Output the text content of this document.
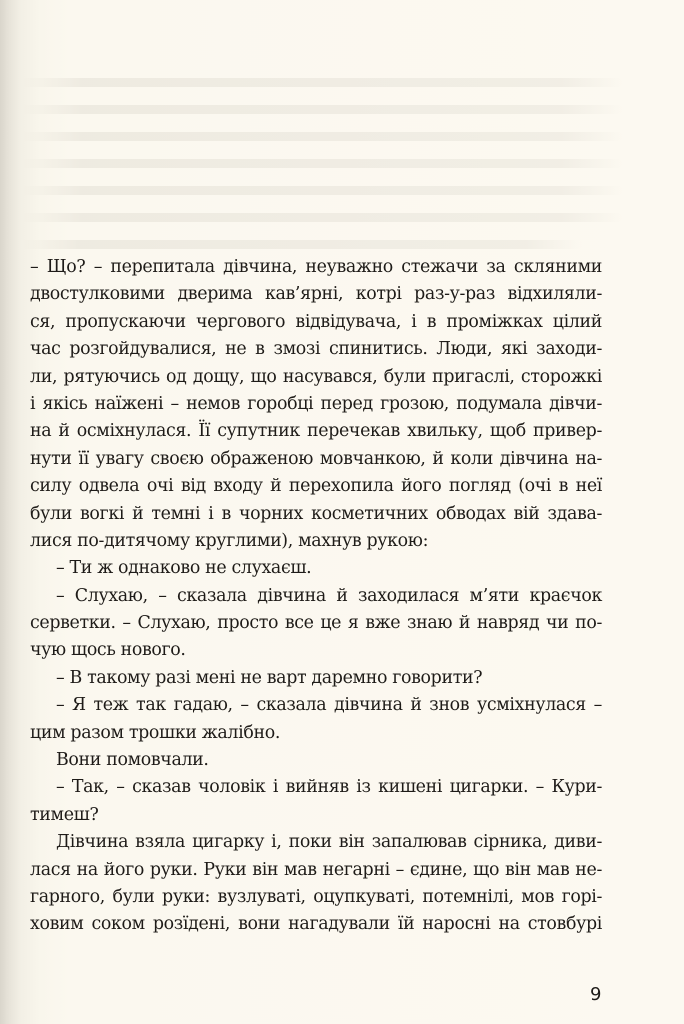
– Що? – перепитала дівчина, неуважно стежачи за скляними
двостулковими дверима кав’ярні, котрі раз-у-раз відхиляли-
ся, пропускаючи чергового відвідувача, і в проміжках цілий
час розгойдувалися, не в змозі спинитись. Люди, які заходи-
ли, рятуючись од дощу, що насувався, були пригаслі, сторожкі
і якісь наїжені – немов горобці перед грозою, подумала дівчи-
на й осміхнулася. Її супутник перечекав хвильку, щоб привер-
нути її увагу своєю ображеною мовчанкою, й коли дівчина на-
силу одвела очі від входу й перехопила його погляд (очі в неї
були вогкі й темні і в чорних косметичних обводах вій здава-
лися по-дитячому круглими), махнув рукою:
– Ти ж однаково не слухаєш.
– Слухаю, – сказала дівчина й заходилася м’яти краєчок
серветки. – Слухаю, просто все це я вже знаю й навряд чи по-
чую щось нового.
– В такому разі мені не варт даремно говорити?
– Я теж так гадаю, – сказала дівчина й знов усміхнулася –
цим разом трошки жалібно.
Вони помовчали.
– Так, – сказав чоловік і вийняв із кишені цигарки. – Кури-
тимеш?
Дівчина взяла цигарку і, поки він запалював сірника, диви-
лася на його руки. Руки він мав негарні – єдине, що він мав не-
гарного, були руки: вузлуваті, оцупкуваті, потемнілі, мов горі-
ховим соком розїдені, вони нагадували їй наросні на стовбурі
9
